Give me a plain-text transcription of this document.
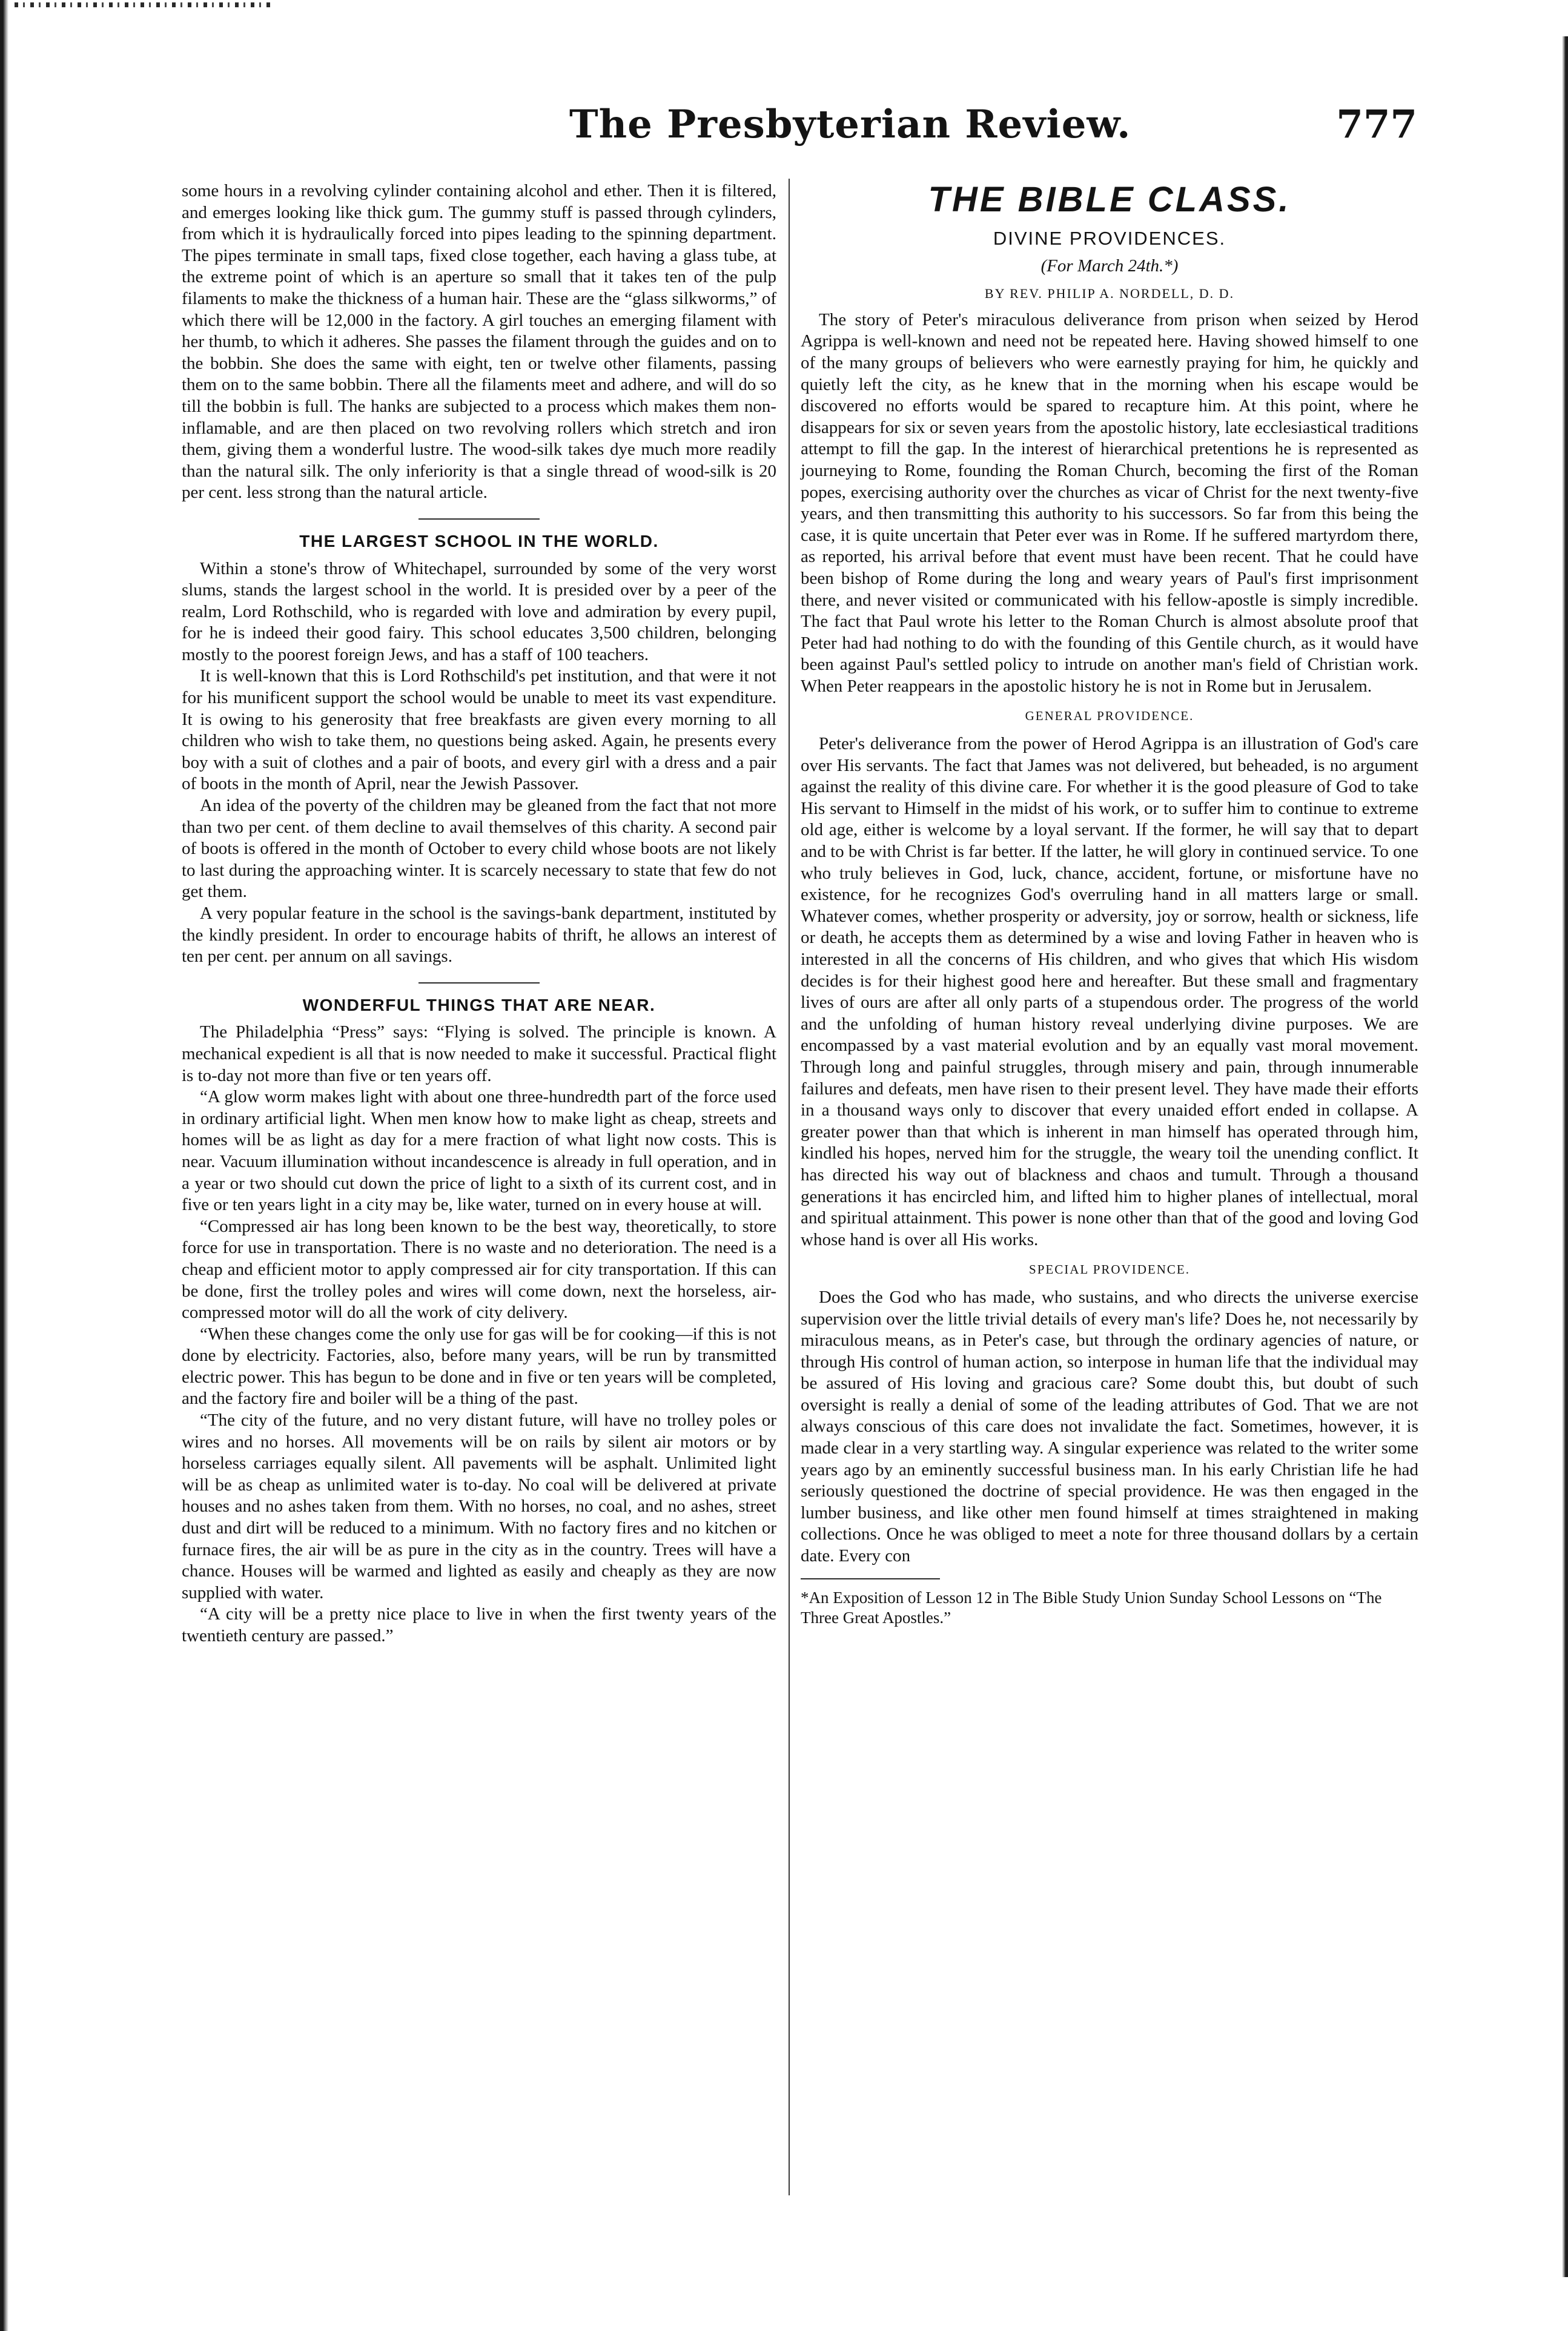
The Presbyterian Review.	777

some hours in a revolving cylinder containing alcohol and ether. Then it is filtered, and emerges looking like thick gum. The gummy stuff is passed through cylinders, from which it is hydraulically forced into pipes leading to the spinning department. The pipes terminate in small taps, fixed close together, each having a glass tube, at the extreme point of which is an aperture so small that it takes ten of the pulp filaments to make the thickness of a human hair. These are the “glass silkworms,” of which there will be 12,000 in the factory. A girl touches an emerging filament with her thumb, to which it adheres. She passes the filament through the guides and on to the bobbin. She does the same with eight, ten or twelve other filaments, passing them on to the same bobbin. There all the filaments meet and adhere, and will do so till the bobbin is full. The hanks are subjected to a process which makes them non-inflamable, and are then placed on two revolving rollers which stretch and iron them, giving them a wonderful lustre. The wood-silk takes dye much more readily than the natural silk. The only inferiority is that a single thread of wood-silk is 20 per cent. less strong than the natural article.

THE LARGEST SCHOOL IN THE WORLD.

Within a stone's throw of Whitechapel, surrounded by some of the very worst slums, stands the largest school in the world. It is presided over by a peer of the realm, Lord Rothschild, who is regarded with love and admiration by every pupil, for he is indeed their good fairy. This school educates 3,500 children, belonging mostly to the poorest foreign Jews, and has a staff of 100 teachers.

It is well-known that this is Lord Rothschild's pet institution, and that were it not for his munificent support the school would be unable to meet its vast expenditure. It is owing to his generosity that free breakfasts are given every morning to all children who wish to take them, no questions being asked. Again, he presents every boy with a suit of clothes and a pair of boots, and every girl with a dress and a pair of boots in the month of April, near the Jewish Passover.

An idea of the poverty of the children may be gleaned from the fact that not more than two per cent. of them decline to avail themselves of this charity. A second pair of boots is offered in the month of October to every child whose boots are not likely to last during the approaching winter. It is scarcely necessary to state that few do not get them.

A very popular feature in the school is the savings-bank department, instituted by the kindly president. In order to encourage habits of thrift, he allows an interest of ten per cent. per annum on all savings.

WONDERFUL THINGS THAT ARE NEAR.

The Philadelphia “Press” says: “Flying is solved. The principle is known. A mechanical expedient is all that is now needed to make it successful. Practical flight is to-day not more than five or ten years off.

“A glow worm makes light with about one three-hundredth part of the force used in ordinary artificial light. When men know how to make light as cheap, streets and homes will be as light as day for a mere fraction of what light now costs. This is near. Vacuum illumination without incandescence is already in full operation, and in a year or two should cut down the price of light to a sixth of its current cost, and in five or ten years light in a city may be, like water, turned on in every house at will.

“Compressed air has long been known to be the best way, theoretically, to store force for use in transportation. There is no waste and no deterioration. The need is a cheap and efficient motor to apply compressed air for city transportation. If this can be done, first the trolley poles and wires will come down, next the horseless, air-compressed motor will do all the work of city delivery.

“When these changes come the only use for gas will be for cooking—if this is not done by electricity. Factories, also, before many years, will be run by transmitted electric power. This has begun to be done and in five or ten years will be completed, and the factory fire and boiler will be a thing of the past.

“The city of the future, and no very distant future, will have no trolley poles or wires and no horses. All movements will be on rails by silent air motors or by horseless carriages equally silent. All pavements will be asphalt. Unlimited light will be as cheap as unlimited water is to-day. No coal will be delivered at private houses and no ashes taken from them. With no horses, no coal, and no ashes, street dust and dirt will be reduced to a minimum. With no factory fires and no kitchen or furnace fires, the air will be as pure in the city as in the country. Trees will have a chance. Houses will be warmed and lighted as easily and cheaply as they are now supplied with water.

“A city will be a pretty nice place to live in when the first twenty years of the twentieth century are passed.”

THE BIBLE CLASS.
DIVINE PROVIDENCES.
(For March 24th.*)
BY REV. PHILIP A. NORDELL, D. D.

The story of Peter's miraculous deliverance from prison when seized by Herod Agrippa is well-known and need not be repeated here. Having showed himself to one of the many groups of believers who were earnestly praying for him, he quickly and quietly left the city, as he knew that in the morning when his escape would be discovered no efforts would be spared to recapture him. At this point, where he disappears for six or seven years from the apostolic history, late ecclesiastical traditions attempt to fill the gap. In the interest of hierarchical pretentions he is represented as journeying to Rome, founding the Roman Church, becoming the first of the Roman popes, exercising authority over the churches as vicar of Christ for the next twenty-five years, and then transmitting this authority to his successors. So far from this being the case, it is quite uncertain that Peter ever was in Rome. If he suffered martyrdom there, as reported, his arrival before that event must have been recent. That he could have been bishop of Rome during the long and weary years of Paul's first imprisonment there, and never visited or communicated with his fellow-apostle is simply incredible. The fact that Paul wrote his letter to the Roman Church is almost absolute proof that Peter had had nothing to do with the founding of this Gentile church, as it would have been against Paul's settled policy to intrude on another man's field of Christian work. When Peter reappears in the apostolic history he is not in Rome but in Jerusalem.

GENERAL PROVIDENCE.

Peter's deliverance from the power of Herod Agrippa is an illustration of God's care over His servants. The fact that James was not delivered, but beheaded, is no argument against the reality of this divine care. For whether it is the good pleasure of God to take His servant to Himself in the midst of his work, or to suffer him to continue to extreme old age, either is welcome by a loyal servant. If the former, he will say that to depart and to be with Christ is far better. If the latter, he will glory in continued service. To one who truly believes in God, luck, chance, accident, fortune, or misfortune have no existence, for he recognizes God's overruling hand in all matters large or small. Whatever comes, whether prosperity or adversity, joy or sorrow, health or sickness, life or death, he accepts them as determined by a wise and loving Father in heaven who is interested in all the concerns of His children, and who gives that which His wisdom decides is for their highest good here and hereafter. But these small and fragmentary lives of ours are after all only parts of a stupendous order. The progress of the world and the unfolding of human history reveal underlying divine purposes. We are encompassed by a vast material evolution and by an equally vast moral movement. Through long and painful struggles, through misery and pain, through innumerable failures and defeats, men have risen to their present level. They have made their efforts in a thousand ways only to discover that every unaided effort ended in collapse. A greater power than that which is inherent in man himself has operated through him, kindled his hopes, nerved him for the struggle, the weary toil the unending conflict. It has directed his way out of blackness and chaos and tumult. Through a thousand generations it has encircled him, and lifted him to higher planes of intellectual, moral and spiritual attainment. This power is none other than that of the good and loving God whose hand is over all His works.

SPECIAL PROVIDENCE.

Does the God who has made, who sustains, and who directs the universe exercise supervision over the little trivial details of every man's life? Does he, not necessarily by miraculous means, as in Peter's case, but through the ordinary agencies of nature, or through His control of human action, so interpose in human life that the individual may be assured of His loving and gracious care? Some doubt this, but doubt of such oversight is really a denial of some of the leading attributes of God. That we are not always conscious of this care does not invalidate the fact. Sometimes, however, it is made clear in a very startling way. A singular experience was related to the writer some years ago by an eminently successful business man. In his early Christian life he had seriously questioned the doctrine of special providence. He was then engaged in the lumber business, and like other men found himself at times straightened in making collections. Once he was obliged to meet a note for three thousand dollars by a certain date. Every con

*An Exposition of Lesson 12 in The Bible Study Union Sunday School Lessons on “The Three Great Apostles.”
